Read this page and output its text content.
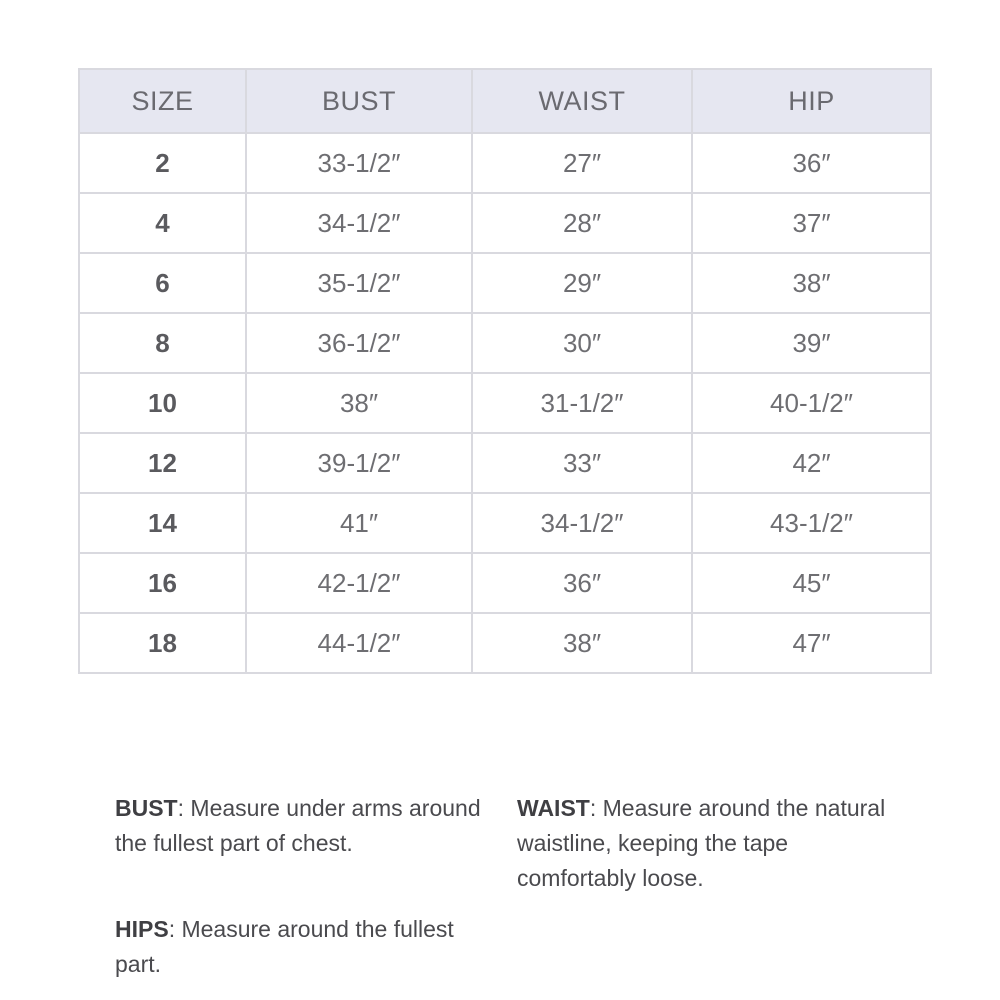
SIZE	BUST	WAIST	HIP
2	33-1/2″	27″	36″
4	34-1/2″	28″	37″
6	35-1/2″	29″	38″
8	36-1/2″	30″	39″
10	38″	31-1/2″	40-1/2″
12	39-1/2″	33″	42″
14	41″	34-1/2″	43-1/2″
16	42-1/2″	36″	45″
18	44-1/2″	38″	47″
BUST: Measure under arms around the fullest part of chest.
WAIST: Measure around the natural waistline, keeping the tape comfortably loose.
HIPS: Measure around the fullest part.
